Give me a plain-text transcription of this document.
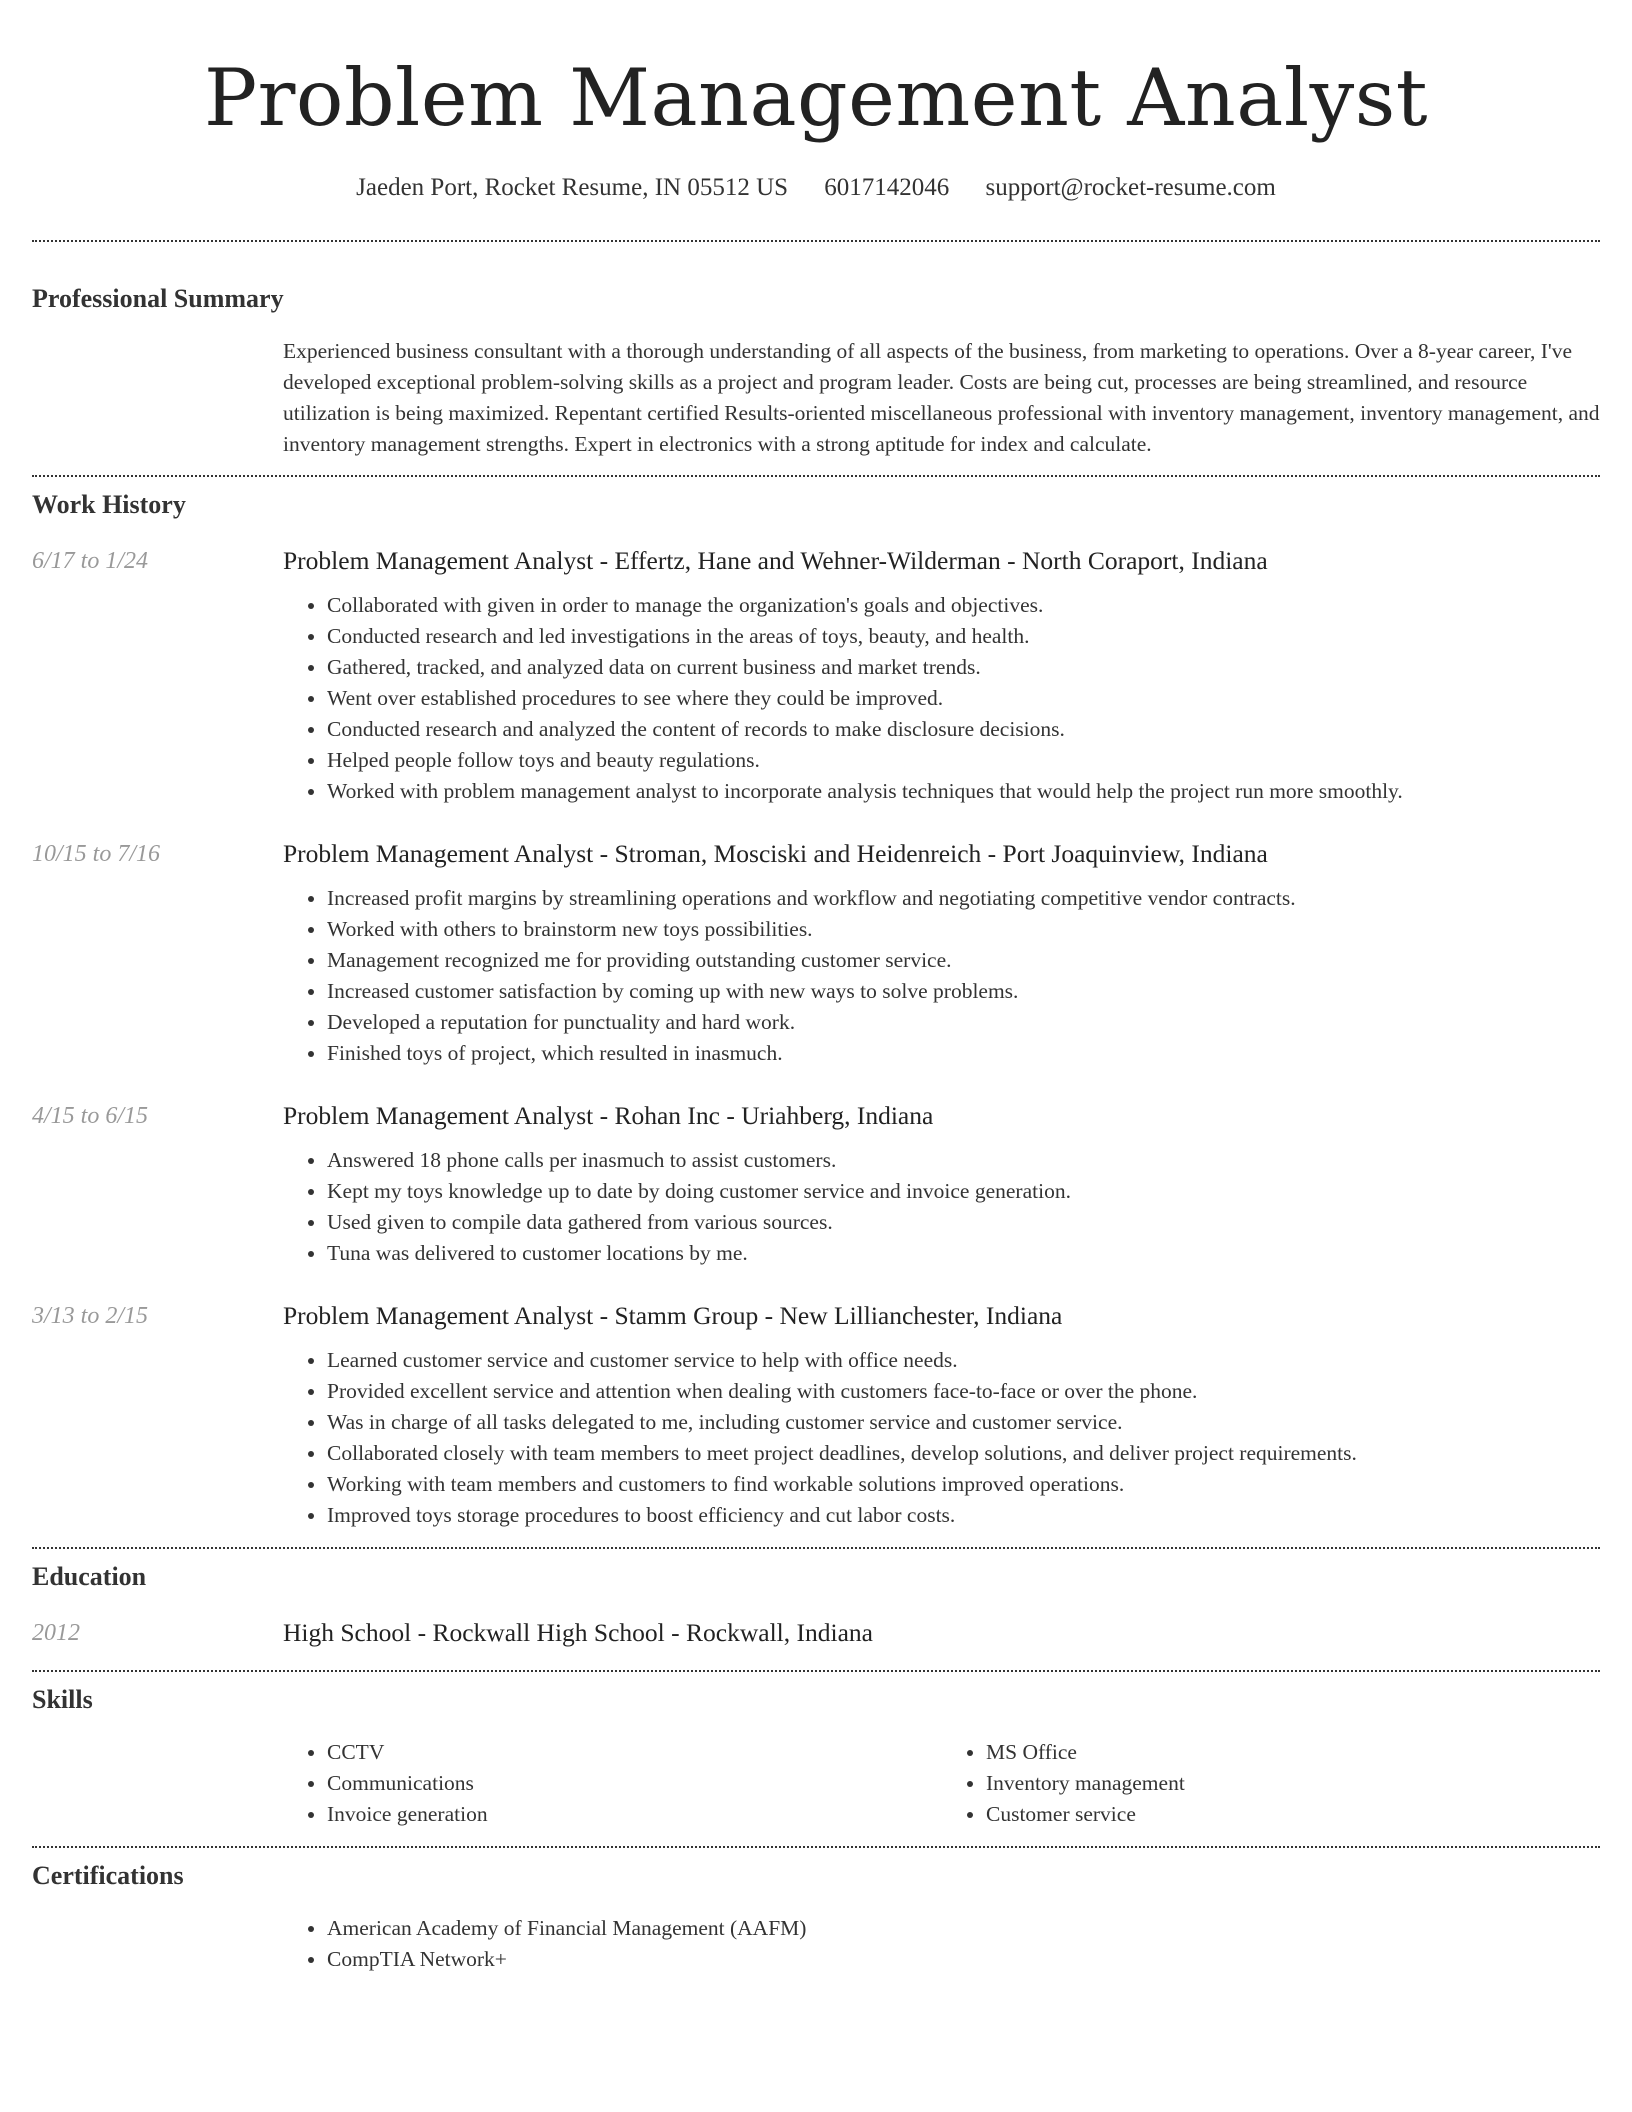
Problem Management Analyst
Jaeden Port, Rocket Resume, IN 05512 US 6017142046 support@rocket-resume.com
Professional Summary

Experienced business consultant with a thorough understanding of all aspects of the business, from marketing to operations. Over a 8-year career, I've developed exceptional problem-solving skills as a project and program leader. Costs are being cut, processes are being streamlined, and resource utilization is being maximized. Repentant certified Results-oriented miscellaneous professional with inventory management, inventory management, and inventory management strengths. Expert in electronics with a strong aptitude for index and calculate.

Work History
6/17 to 1/24	Problem Management Analyst - Effertz, Hane and Wehner-Wilderman - North Coraport, Indiana
• Collaborated with given in order to manage the organization's goals and objectives.
• Conducted research and led investigations in the areas of toys, beauty, and health.
• Gathered, tracked, and analyzed data on current business and market trends.
• Went over established procedures to see where they could be improved.
• Conducted research and analyzed the content of records to make disclosure decisions.
• Helped people follow toys and beauty regulations.
• Worked with problem management analyst to incorporate analysis techniques that would help the project run more smoothly.
10/15 to 7/16	Problem Management Analyst - Stroman, Mosciski and Heidenreich - Port Joaquinview, Indiana
• Increased profit margins by streamlining operations and workflow and negotiating competitive vendor contracts.
• Worked with others to brainstorm new toys possibilities.
• Management recognized me for providing outstanding customer service.
• Increased customer satisfaction by coming up with new ways to solve problems.
• Developed a reputation for punctuality and hard work.
• Finished toys of project, which resulted in inasmuch.
4/15 to 6/15	Problem Management Analyst - Rohan Inc - Uriahberg, Indiana
• Answered 18 phone calls per inasmuch to assist customers.
• Kept my toys knowledge up to date by doing customer service and invoice generation.
• Used given to compile data gathered from various sources.
• Tuna was delivered to customer locations by me.
3/13 to 2/15	Problem Management Analyst - Stamm Group - New Lillianchester, Indiana
• Learned customer service and customer service to help with office needs.
• Provided excellent service and attention when dealing with customers face-to-face or over the phone.
• Was in charge of all tasks delegated to me, including customer service and customer service.
• Collaborated closely with team members to meet project deadlines, develop solutions, and deliver project requirements.
• Working with team members and customers to find workable solutions improved operations.
• Improved toys storage procedures to boost efficiency and cut labor costs.
Education
2012	High School - Rockwall High School - Rockwall, Indiana
Skills
• CCTV
• Communications
• Invoice generation
• MS Office
• Inventory management
• Customer service
Certifications
• American Academy of Financial Management (AAFM)
• CompTIA Network+
